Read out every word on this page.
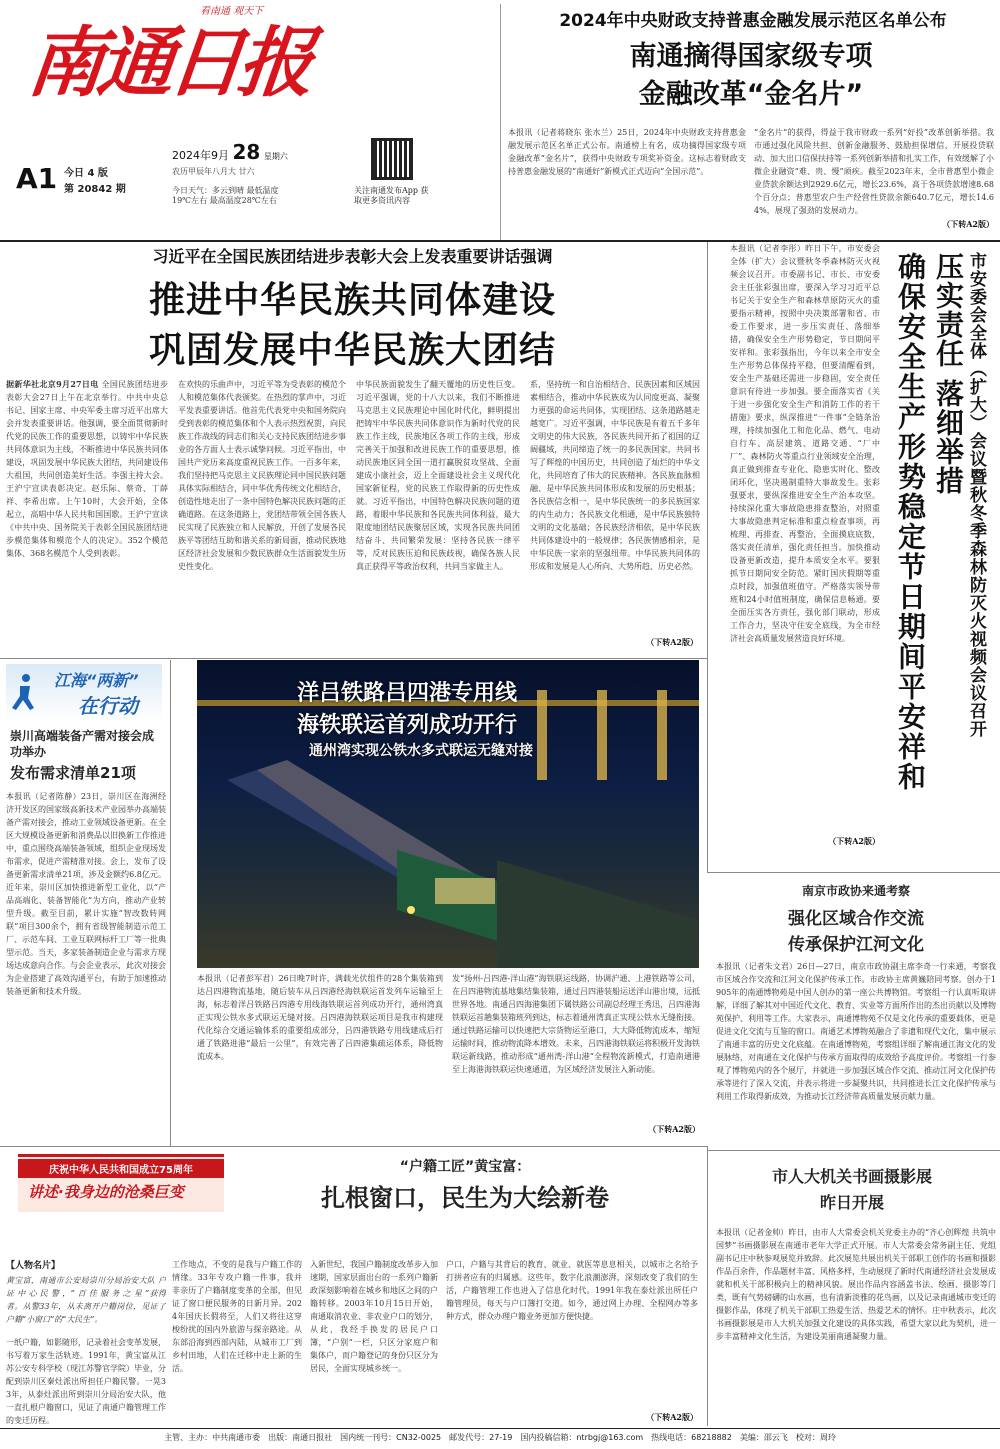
南通日报
看南通 观天下
2024年9月 28 星期六
农历甲辰年八月大 廿六
A1 今日 4 版
第 20842 期	今日天气：多云到晴 最低温度19℃左右 最高温度28℃左右
关注南通发布App 获取更多资讯内容
2024年中央财政支持普惠金融发展示范区名单公布
南通摘得国家级专项
金融改革“金名片”
本报讯（记者蒋晓东 张水兰）25日，2024年中央财政支持普惠金融发展示范区名单正式公布。南通榜上有名，成功摘得国家级专项金融改革“金名片”，获得中央财政专项奖补资金。这标志着财政支持普惠金融发展的“南通好”新模式正式迈向“全国示范”。
“金名片”的获得，得益于我市财政一系列“好投”改革创新举措。我市通过强化风险共担、创新金融服务、鼓励担保增信、开展投贷联动、加大出口信保扶持等一系列创新举措和扎实工作，有效缓解了小微企业融资“难、贵、慢”顽疾。截至2023年末，全市普惠型小微企业贷款余额达到2929.6亿元，增长23.6%，高于各项贷款增速8.68个百分点；普惠型农户生产经营性贷款余额640.7亿元，增长14.64%，展现了强劲的发展动力。
（下转A2版）
习近平在全国民族团结进步表彰大会上发表重要讲话强调
推进中华民族共同体建设
巩固发展中华民族大团结
据新华社北京9月27日电 全国民族团结进步表彰大会27日上午在北京举行。中共中央总书记、国家主席、中央军委主席习近平出席大会并发表重要讲话。他强调，要全面贯彻新时代党的民族工作的重要思想，以铸牢中华民族共同体意识为主线，不断推进中华民族共同体建设，巩固发展中华民族大团结，共同建设伟大祖国，共同创造美好生活。李强主持大会。王沪宁宣读表彰决定。赵乐际、蔡奇、丁薛祥、李希出席。上午10时，大会开始，全体起立，高唱中华人民共和国国歌。王沪宁宣读《中共中央、国务院关于表彰全国民族团结进步模范集体和模范个人的决定》。352个模范集体、368名模范个人受到表彰。
在欢快的乐曲声中，习近平等为受表彰的模范个人和模范集体代表颁奖。在热烈的掌声中，习近平发表重要讲话。他首先代表党中央和国务院向受到表彰的模范集体和个人表示热烈祝贺，向民族工作战线的同志们和关心支持民族团结进步事业的各方面人士表示诚挚问候。习近平指出，中国共产党历来高度重视民族工作。一百多年来，我们坚持把马克思主义民族理论同中国民族问题具体实际相结合，同中华优秀传统文化相结合，创造性地走出了一条中国特色解决民族问题的正确道路。在这条道路上，党团结带领全国各族人民实现了民族独立和人民解放，开创了发展各民族平等团结互助和谐关系的新局面，推动民族地区经济社会发展和少数民族群众生活面貌发生历史性变化。
中华民族面貌发生了翻天覆地的历史性巨变。习近平强调，党的十八大以来，我们不断推进马克思主义民族理论中国化时代化，鲜明提出把铸牢中华民族共同体意识作为新时代党的民族工作主线，民族地区各项工作的主线，形成完善关于加强和改进民族工作的重要思想，推动民族地区同全国一道打赢脱贫攻坚战、全面建成小康社会，迈上全面建设社会主义现代化国家新征程，党的民族工作取得新的历史性成就。习近平指出，中国特色解决民族问题的道路，着眼中华民族和各民族共同体利益，最大限度地团结民族聚居区域，实现各民族共同团结奋斗、共同繁荣发展：坚持各民族一律平等，反对民族压迫和民族歧视，确保各族人民真正获得平等政治权利，共同当家做主人。
系，坚持统一和自治相结合、民族因素和区域因素相结合，推动中华民族成为认同度更高、凝聚力更强的命运共同体，实现团结、这条道路越走越宽广。习近平强调，中华民族是有着五千多年文明史的伟大民族，各民族共同开拓了祖国的辽阔疆域，共同缔造了统一的多民族国家，共同书写了辉煌的中国历史，共同创造了灿烂的中华文化，共同培育了伟大的民族精神。各民族血脉相融、是中华民族共同体形成和发展的历史根基；各民族信念相一，是中华民族统一的多民族国家的内生动力；各民族文化相通，是中华民族独特文明的文化基础；各民族经济相依，是中华民族共同体建设中的一般规律；各民族情感相亲，是中华民族一家亲的坚强纽带。中华民族共同体的形成和发展是人心所向、大势所趋、历史必然。
（下转A2版）	市安委会全体（扩大）会议暨秋冬季森林防灭火视频会议召开
压实责任 落细举措
确保安全生产形势稳定节日期间平安祥和
本报讯（记者李彤）昨日下午，市安委会全体（扩大）会议暨秋冬季森林防灭火视频会议召开。市委副书记、市长、市安委会主任张彩强出席，要深入学习习近平总书记关于安全生产和森林草原防灭火的重要指示精神，按照中央决策部署和省、市委工作要求，进一步压实责任、落细举措，确保安全生产形势稳定，节日期间平安祥和。张彩强指出，今年以来全市安全生产形势总体保持平稳，但要清醒看到，安全生产基础还需进一步稳固，安全责任意识有待进一步加强。要全面落实省《关于进一步强化安全生产和消防工作的若干措施》要求，纵深推进“一件事”全链条治理，持续加强化工和危化品、燃气、电动自行车、高层建筑、道路交通、“厂中厂”、森林防火等重点行业领域安全治理，真正做到排查专业化、隐患实时化、整改闭环化，坚决遏制重特大事故发生。张彩强要求，要纵深推进安全生产治本攻坚。持续深化重大事故隐患排查整治，对照重大事故隐患判定标准和重点检查事项，再梳理、再排查、再整治，全面摸底底数，落实责任清单，强化责任担当。加快推动设备更新改造，提升本质安全水平。要狠抓节日期间安全防范。紧盯国庆假期等重点时段，加强值班值守。严格落实领导带班和24小时值班制度，确保信息畅通。要全面压实各方责任，强化部门联动，形成工作合力，坚决守住安全底线，为全市经济社会高质量发展营造良好环境。
（下转A2版）
江海“两新”
在行动
崇川高端装备产需对接会成功举办
发布需求清单21项
本报讯（记者陈静）23日，崇川区在海洲经济开发区的国家级高新技术产业园举办高端装备产需对接会，推动工业领域设备更新。在全区大规模设备更新和消费品以旧换新工作推进中，重点围绕高端装备领域，组织企业现场发布需求，促进产需精准对接。会上，发布了设备更新需求清单21项，涉及金额约6.8亿元。近年来，崇川区加快推进新型工业化，以“产品高端化、装备智能化”为方向，推动产业转型升级。截至目前，累计实施“智改数转网联”项目300余个，拥有省级智能制造示范工厂、示范车间、工业互联网标杆工厂等一批典型示范。当天，多家装备制造企业与需求方现场达成意向合作。与会企业表示，此次对接会为企业搭建了高效沟通平台，有助于加速推动装备更新和技术升级。
洋吕铁路吕四港专用线
海铁联运首列成功开行
通州湾实现公铁水多式联运无缝对接
本报讯（记者彭军君）26日晚7时许，满载光伏组件的28个集装箱到达吕四港物流基地，随后装车从吕四港经海铁联运首发列车运输至上海，标志着洋吕铁路吕四港专用线海铁联运首列成功开行，通州湾真正实现公铁水多式联运无缝对接。吕四港海铁联运项目是我市构建现代化综合交通运输体系的重要组成部分，吕四港铁路专用线建成后打通了铁路进港“最后一公里”，有效完善了吕四港集疏运体系，降低物流成本。
发“扬州-吕四港-洋山港”海铁联运线路，协调沪通、上港铁路等公司，在吕四港物流基地集结集装箱，通过吕四港装船运送洋山港出境，远抵世界各地。南通吕四海港集团下属铁路公司副总经理王秀迅，吕四港海铁联运首趟集装箱班列到达，标志着通州湾真正实现公铁水无缝衔接。通过铁路运输可以快速把大宗货物运至港口，大大降低物流成本，缩短运输时间，推动物流降本增效。未来，吕四港海铁联运将积极开发海铁联运新线路，推动形成“通州湾-洋山港”全程物流新模式，打造南通港至上海港海铁联运快速通道，为区域经济发展注入新动能。
（下转A2版）
南京市政协来通考察
强化区域合作交流
传承保护江河文化
本报讯（记者朱文君）26日—27日，南京市政协副主席李奇一行来通，考察我市区域合作交流和江河文化保护传承工作。市政协主席黄巍陪同考察。创办于1905年的南通博物苑是中国人创办的第一座公共博物馆。考察组一行认真听取讲解，详细了解其对中国近代文化、教育、实业等方面所作出的杰出贡献以及博物苑保护、利用等工作。大家表示，南通博物苑不仅是文化传承的重要载体，更是促进文化交流与互鉴的窗口。南通艺术博物苑融合了非遗和现代文化，集中展示了南通丰富的历史文化底蕴。在南通博物苑，考察组详细了解南通江海文化的发展脉络，对南通在文化保护与传承方面取得的成效给予高度评价。考察组一行参观了博物苑内的各个展厅，并就进一步加强区域合作交流、推动江河文化保护传承等进行了深入交流，并表示将进一步凝聚共识，共同推进长江文化保护传承与利用工作取得新成效，为推动长江经济带高质量发展贡献力量。
市人大机关书画摄影展
昨日开展
本报讯（记者金帅）昨日，由市人大常委会机关党委主办的“齐心创辉煌 共筑中国梦”书画摄影展在南通市老年大学正式开展。市人大常委会常务副主任、党组副书记庄中秋参观展览并致辞。此次展览共展出机关干部职工创作的书画和摄影作品百余件，作品题材丰富、风格多样，生动展现了新时代南通经济社会发展成就和机关干部积极向上的精神风貌。展出作品内容涵盖书法、绘画、摄影等门类，既有气势磅礴的山水画，也有清新淡雅的花鸟画，以及记录南通城市变迁的摄影作品，体现了机关干部职工热爱生活、热爱艺术的情怀。庄中秋表示，此次书画摄影展是市人大机关加强文化建设的具体实践，希望大家以此为契机，进一步丰富精神文化生活，为建设美丽南通凝聚力量。
庆祝中华人民共和国成立75周年
讲述·我身边的沧桑巨变
“户籍工匠”黄宝富：
扎根窗口，民生为大绘新卷
【人物名片】
黄宝富，南通市公安局崇川分局治安大队 户 证 中 心 民 警 ，“ 百 佳 服 务 之 星 ”获得者。从警33年，从未离开户籍岗位，见证了户籍“小窗口”的“大民生”。
一纸户籍，如影随形，记录着社会变革发展，书写着万家生活轨迹。1991年，黄宝富从江苏公安专科学校（现江苏警官学院）毕业，分配到崇川区秦灶派出所担任户籍民警。一晃33年，从泰灶派出所到崇川分局治安大队，他一直扎根户籍窗口，见证了南通户籍管理工作的变迁历程。
工作地点，不变的是我与户籍工作的情缘。33年专攻户籍一件事，我并非亲历了户籍制度变革的全部，但见证了窗口便民服务的日新月异。2024年国庆长假将至，人们又将往这穿梭纷扰的国内外旅游与探亲路途。从东部沿海到西部内陆，从城市工厂到乡村田地，人们在迁移中走上新的生活。
入新世纪，我国户籍制度改革步入加速期，国家层面出台的一系列户籍新政深刻影响着在城乡和地区之间的户籍转移。2003年10月15日开始，南通取消农业、非农业户口的划分，从此，我经手换发的居民户口簿，“户别”一栏，只区分家庭户和集体户，而户籍登记的身份只区分为居民，全面实现城乡统一。
户口，户籍与其背后的教育、就业、就医等息息相关，以城市之名给予打拼者应有的归属感。这些年，数字化浪潮澎湃，深刻改变了我们的生活，户籍管理工作也进入了信息化时代。1991年我在泰灶派出所任户籍管理员，每天与户口簿打交道。如今，通过网上办理、全程网办等多种方式，群众办理户籍业务更加方便快捷。
（下转A2版）
主管、主办：中共南通市委　出版：南通日报社　国内统一刊号：CN32-0025　邮发代号：27-19　国内投稿信箱：ntrbgj@163.com　热线电话：68218882　美编：邵云飞　校对：周玲
